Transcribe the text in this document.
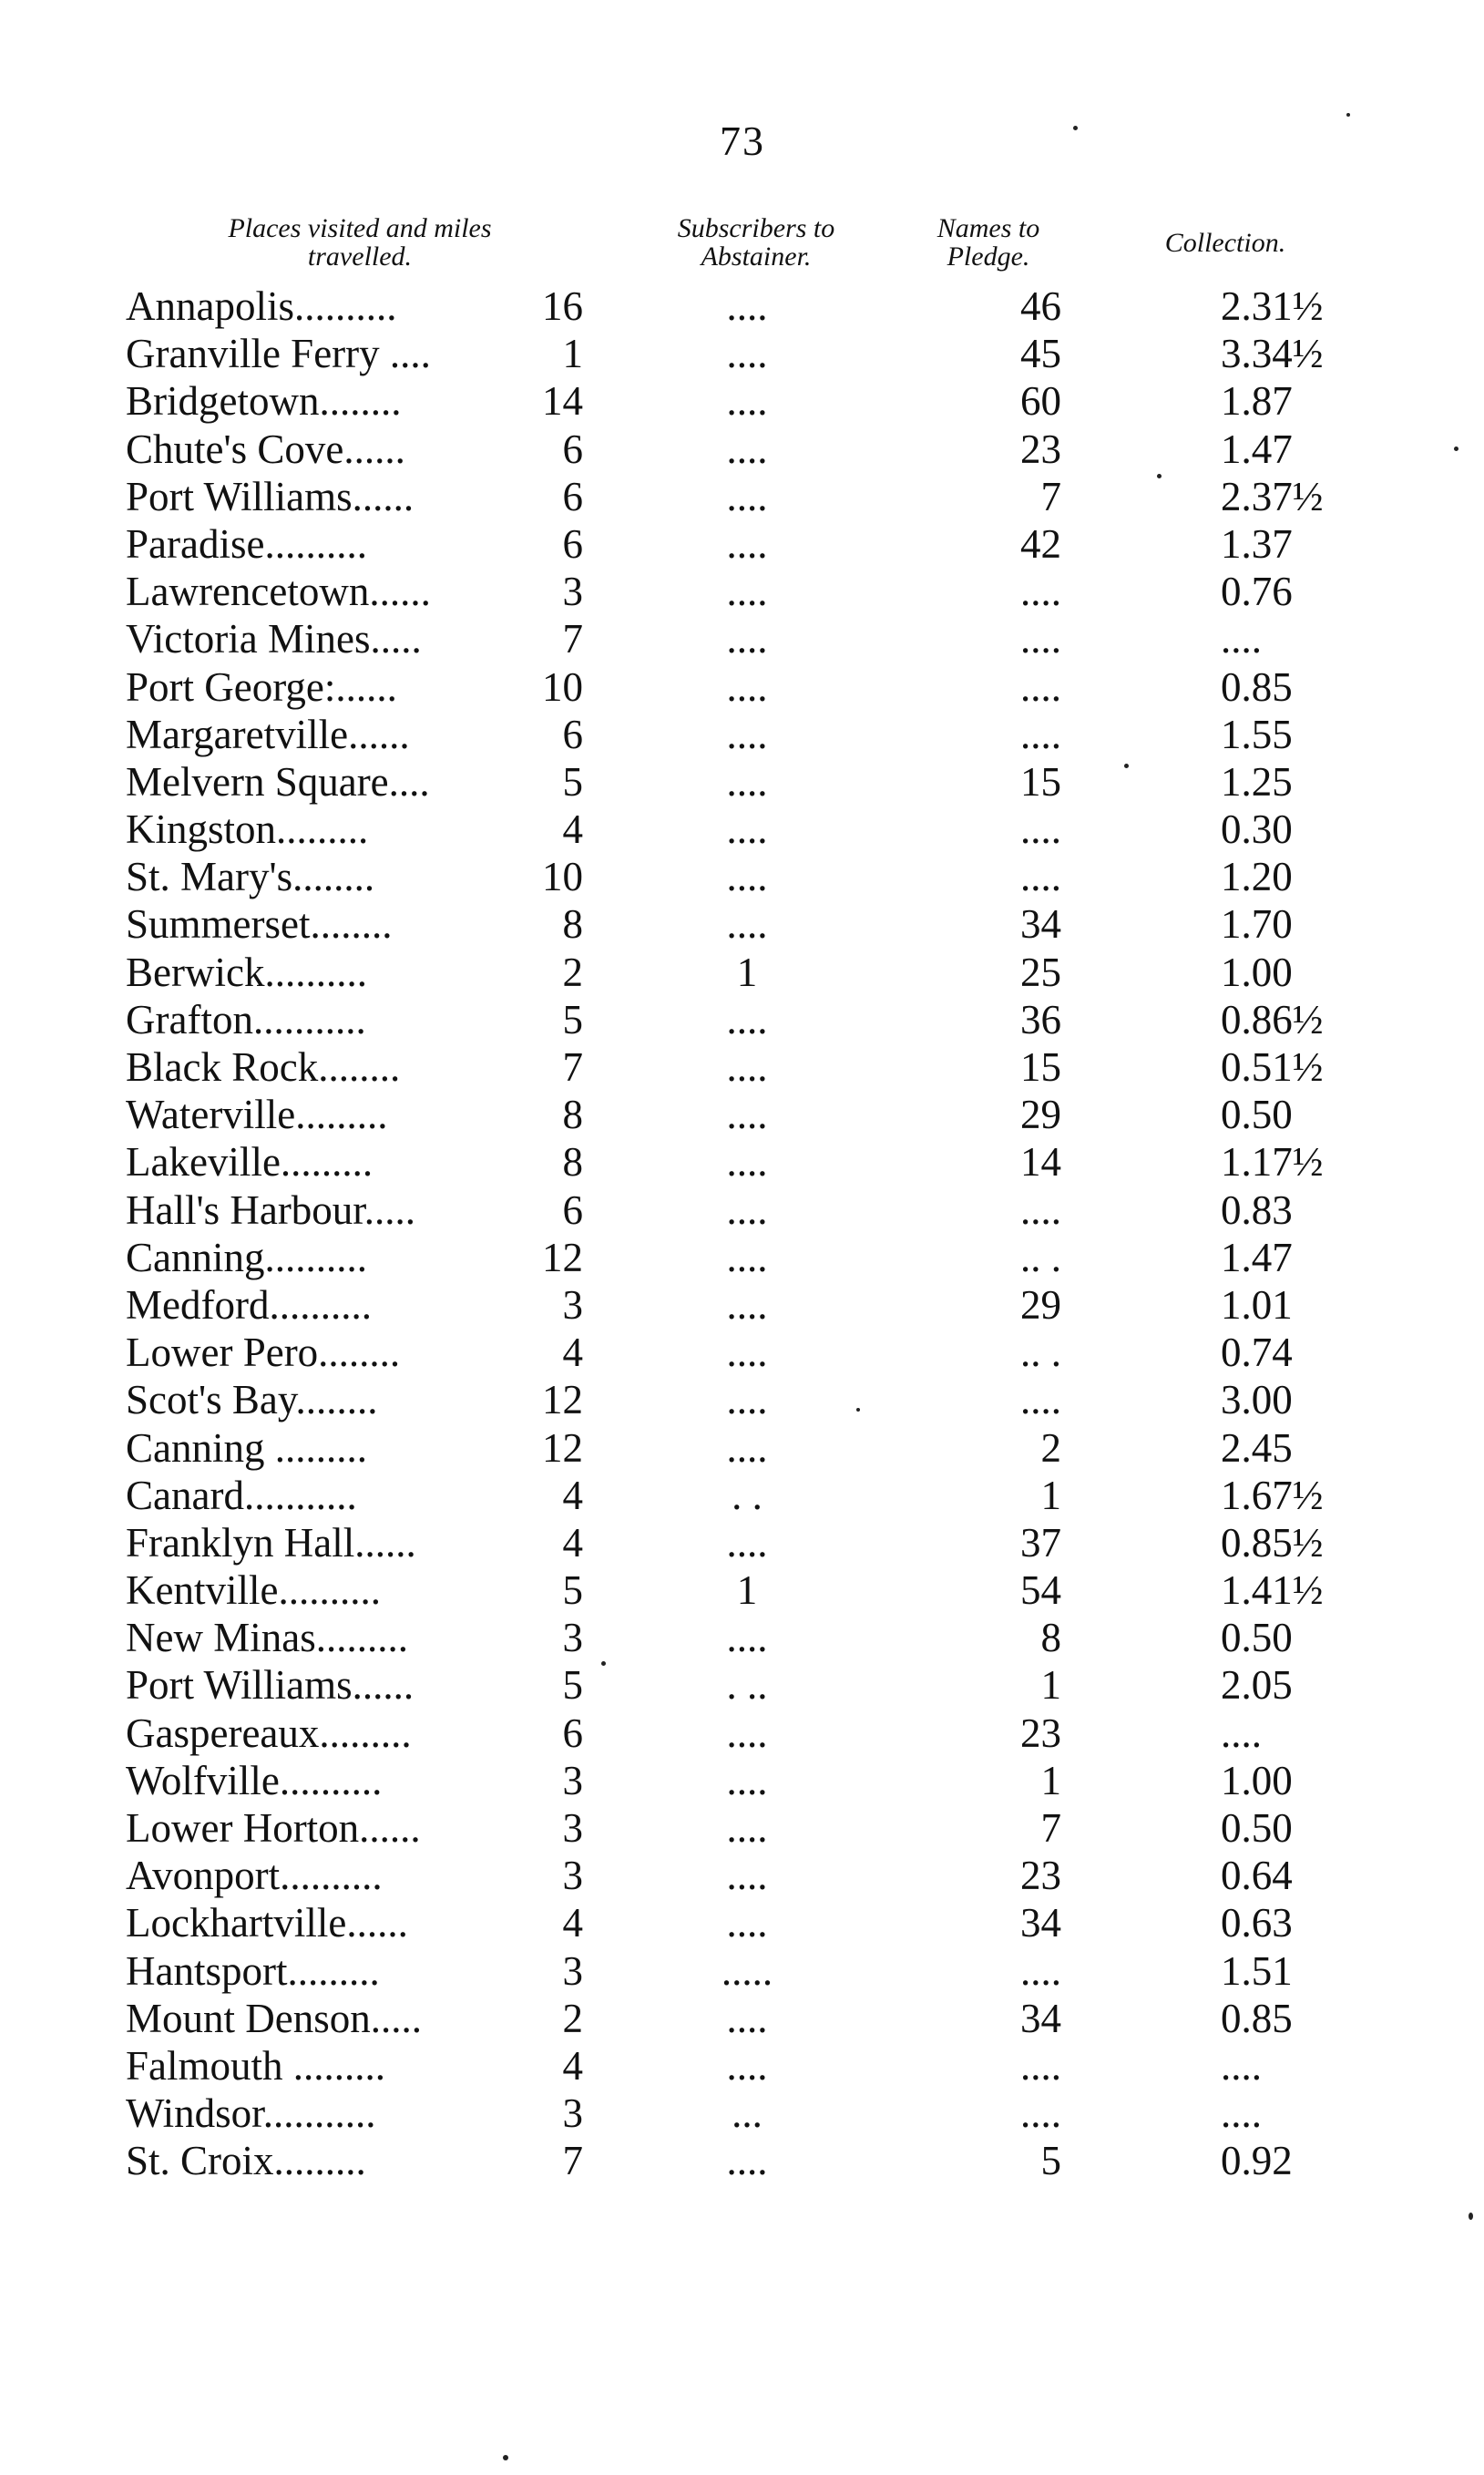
73
Places visited and miles
travelled.
Subscribers to
Abstainer.
Names to
Pledge.	Collection.
Annapolis..........	16	....	46	2.31½
Granville Ferry ....	1	....	45	3.34½
Bridgetown........	14	....	60	1.87
Chute's Cove......	6	....	23	1.47
Port Williams......	6	....	7	2.37½
Paradise..........	6	....	42	1.37
Lawrencetown......	3	....	....	0.76
Victoria Mines.....	7	....	....	....
Port George:......	10	....	....	0.85
Margaretville......	6	....	....	1.55
Melvern Square....	5	....	15	1.25
Kingston.........	4	....	....	0.30
St. Mary's........	10	....	....	1.20
Summerset........	8	....	34	1.70
Berwick..........	2	1	25	1.00
Grafton...........	5	....	36	0.86½
Black Rock........	7	....	15	0.51½
Waterville.........	8	....	29	0.50
Lakeville.........	8	....	14	1.17½
Hall's Harbour.....	6	....	....	0.83
Canning..........	12	....	.. .	1.47
Medford..........	3	....	29	1.01
Lower Pero........	4	....	.. .	0.74
Scot's Bay........	12	....	....	3.00
Canning .........	12	....	2	2.45
Canard...........	4	. .	1	1.67½
Franklyn Hall......	4	....	37	0.85½
Kentville..........	5	1	54	1.41½
New Minas.........	3	....	8	0.50
Port Williams......	5	. ..	1	2.05
Gaspereaux.........	6	....	23	....
Wolfville..........	3	....	1	1.00
Lower Horton......	3	....	7	0.50
Avonport..........	3	....	23	0.64
Lockhartville......	4	....	34	0.63
Hantsport.........	3	.....	....	1.51
Mount Denson.....	2	....	34	0.85
Falmouth .........	4	....	....	....
Windsor...........	3	...	....	....
St. Croix.........	7	....	5	0.92
